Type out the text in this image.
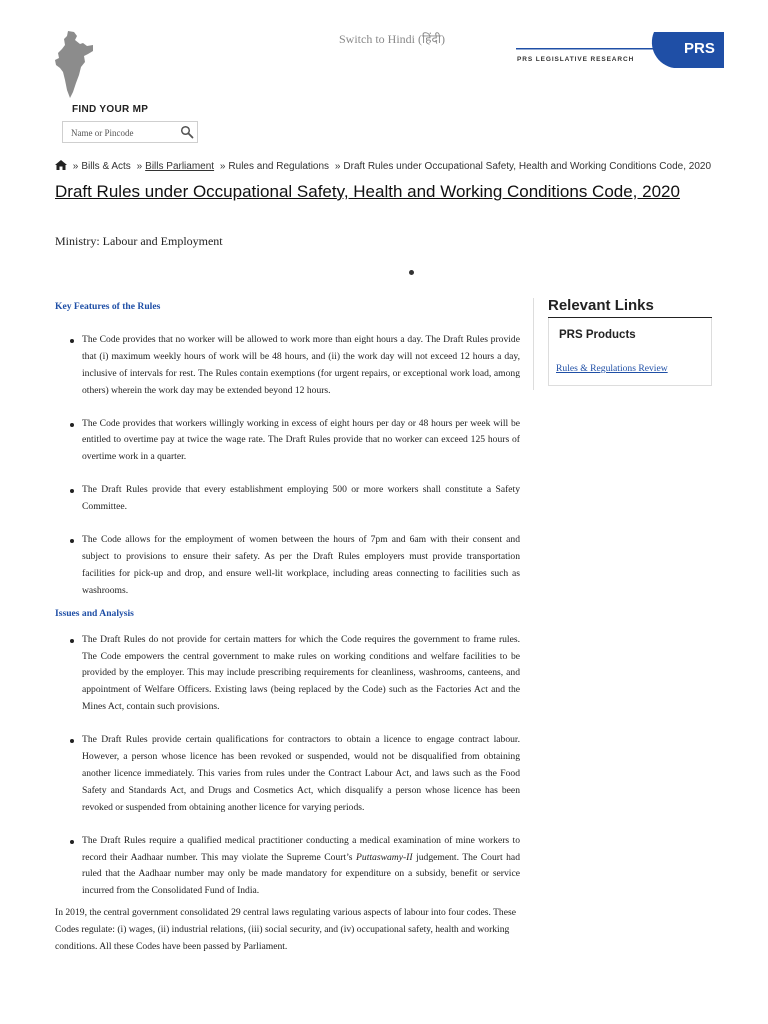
Switch to Hindi (हिंदी)
PRS
PRS LEGISLATIVE RESEARCH
FIND YOUR MP
Name or Pincode
» Bills & Acts » Bills Parliament » Rules and Regulations » Draft Rules under Occupational Safety, Health and Working Conditions Code, 2020
Draft Rules under Occupational Safety, Health and Working Conditions Code, 2020
Ministry: Labour and Employment

Key Features of the Rules

The Code provides that no worker will be allowed to work more than eight hours a day. The Draft Rules provide that (i) maximum weekly hours of work will be 48 hours, and (ii) the work day will not exceed 12 hours a day, inclusive of intervals for rest. The Rules contain exemptions (for urgent repairs, or exceptional work load, among others) wherein the work day may be extended beyond 12 hours.
The Code provides that workers willingly working in excess of eight hours per day or 48 hours per week will be entitled to overtime pay at twice the wage rate. The Draft Rules provide that no worker can exceed 125 hours of overtime work in a quarter.
The Draft Rules provide that every establishment employing 500 or more workers shall constitute a Safety Committee.
The Code allows for the employment of women between the hours of 7pm and 6am with their consent and subject to provisions to ensure their safety. As per the Draft Rules employers must provide transportation facilities for pick-up and drop, and ensure well-lit workplace, including areas connecting to facilities such as washrooms.

Issues and Analysis

The Draft Rules do not provide for certain matters for which the Code requires the government to frame rules. The Code empowers the central government to make rules on working conditions and welfare facilities to be provided by the employer. This may include prescribing requirements for cleanliness, washrooms, canteens, and appointment of Welfare Officers. Existing laws (being replaced by the Code) such as the Factories Act and the Mines Act, contain such provisions.
The Draft Rules provide certain qualifications for contractors to obtain a licence to engage contract labour. However, a person whose licence has been revoked or suspended, would not be disqualified from obtaining another licence immediately. This varies from rules under the Contract Labour Act, and laws such as the Food Safety and Standards Act, and Drugs and Cosmetics Act, which disqualify a person whose licence has been revoked or suspended from obtaining another licence for varying periods.
The Draft Rules require a qualified medical practitioner conducting a medical examination of mine workers to record their Aadhaar number. This may violate the Supreme Court’s Puttaswamy-II judgement. The Court had ruled that the Aadhaar number may only be made mandatory for expenditure on a subsidy, benefit or service incurred from the Consolidated Fund of India.

In 2019, the central government consolidated 29 central laws regulating various aspects of labour into four codes. These Codes regulate: (i) wages, (ii) industrial relations, (iii) social security, and (iv) occupational safety, health and working conditions. All these Codes have been passed by Parliament.

Relevant Links
PRS Products
Rules & Regulations Review
